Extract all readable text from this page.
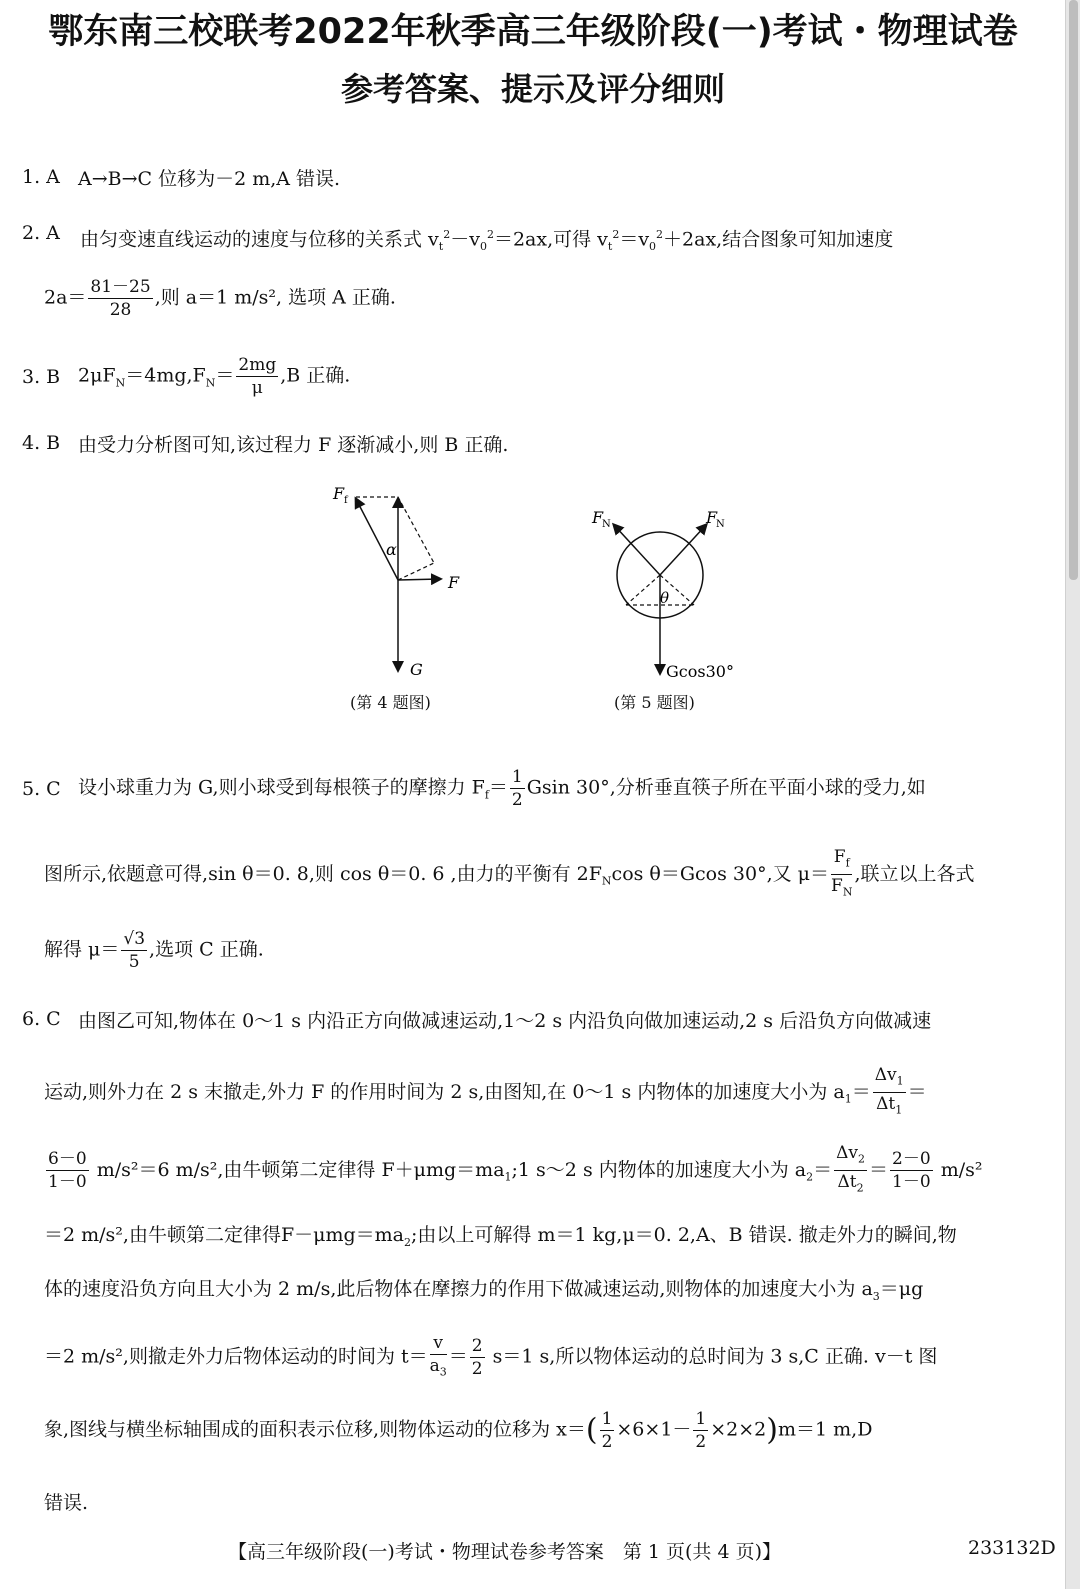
鄂东南三校联考2022年秋季高三年级阶段(一)考试・物理试卷
参考答案、提示及评分细则
1. A A→B→C 位移为－2 m,A 错误.
2. A 由匀变速直线运动的速度与位移的关系式 $v_t^2-v_0^2=2ax$,可得 $v_t^2=v_0^2+2ax$,结合图象可知加速度
$2a= \frac{81-25}{28}$ ,则 a＝1 m/s², 选项 A 正确.
3. B $2\mu F_N=4mg,F_N= \frac{2mg}{\mu} ,B$ 正确.
4. B 由受力分析图可知,该过程力 F 逐渐减小,则 B 正确.
F f
α
F
G
(第 4 题图)
F
N	F
N
θ
Gcos30°
(第 5 题图)
5. C 设小球重力为 G,则小球受到每根筷子的摩擦力 $F_f= \frac{1}{2}$ Gsin 30°,分析垂直筷子所在平面小球的受力,如
图所示,依题意可得,sin θ＝0. 8,则 cos θ＝0. 6 ,由力的平衡有 $2F_N\cos$ θ＝Gcos 30°,又 $\mu= \frac{F_f}{F_N}$ ,联立以上各式
解得 $\mu= \frac{√3}{5}$ ,选项 C 正确.
6. C 由图乙可知,物体在 0～1 s 内沿正方向做减速运动,1～2 s 内沿负向做加速运动,2 s 后沿负方向做减速
运动,则外力在 2 s 末撤走,外力 F 的作用时间为 2 s,由图知,在 0～1 s 内物体的加速度大小为 $a_1= \frac{\Delta v_1}{\Delta t_1}$ ＝
$\frac{6-0}{1-0} m/s^2=6$ m/s²,由牛顿第二定律得 $F+\mu mg=ma_1;1$ s～2 s 内物体的加速度大小为 $a_2= \frac{\Delta v_2}{\Delta t_2} = \frac{2-0}{1-0} m/s^2$
＝2 m/s²,由牛顿第二定律得$F-\mu mg=ma_2$;由以上可解得 m＝1 kg,μ＝0. 2,A、B 错误. 撤走外力的瞬间,物
体的速度沿负方向且大小为 2 m/s,此后物体在摩擦力的作用下做减速运动,则物体的加速度大小为 $a_3=\mu g$
＝2 m/s²,则撤走外力后物体运动的时间为 $t= \frac{v}{a_3} = \frac{2}{2} s=1$ s,所以物体运动的总时间为 3 s,C 正确. v－t 图
象,图线与横坐标轴围成的面积表示位移,则物体运动的位移为 $x=( \frac{1}{2} \times 6\times 1- \frac{1}{2} \times 2\times 2)m=1$ m,D
错误.
【高三年级阶段(一)考试・物理试卷参考答案　第 1 页(共 4 页)】	233132D
